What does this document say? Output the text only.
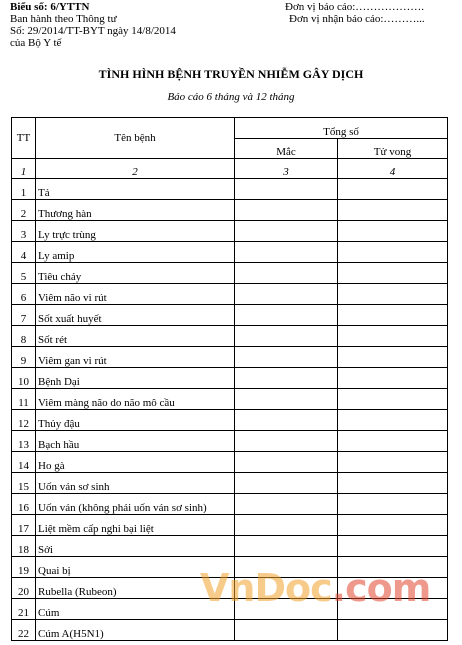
Biểu số: 6/YTTN
Ban hành theo Thông tư
Số: 29/2014/TT-BYT ngày 14/8/2014
của Bộ Y tế
Đơn vị báo cáo:……………….
Đơn vị nhận báo cáo:………...
TÌNH HÌNH BỆNH TRUYỀN NHIỄM GÂY DỊCH
Báo cáo 6 tháng và 12 tháng
TT	Tên bệnh	Tổng số	
		Mắc	Tử vong
1	2	3	4
1	Tả		
2	Thương hàn		
3	Ly trực trùng		
4	Ly amip		
5	Tiêu chảy		
6	Viêm não vi rút		
7	Sốt xuất huyết		
8	Sốt rét		
9	Viêm gan vi rút		
10	Bệnh Dại		
11	Viêm màng não do não mô cầu		
12	Thủy đậu		
13	Bạch hầu		
14	Ho gà		
15	Uốn ván sơ sinh		
16	Uốn ván (không phải uốn ván sơ sinh)		
17	Liệt mềm cấp nghi bại liệt		
18	Sởi		
19	Quai bị		
20	Rubella (Rubeon)		
21	Cúm		
22	Cúm A(H5N1)		
VnDoc.com
